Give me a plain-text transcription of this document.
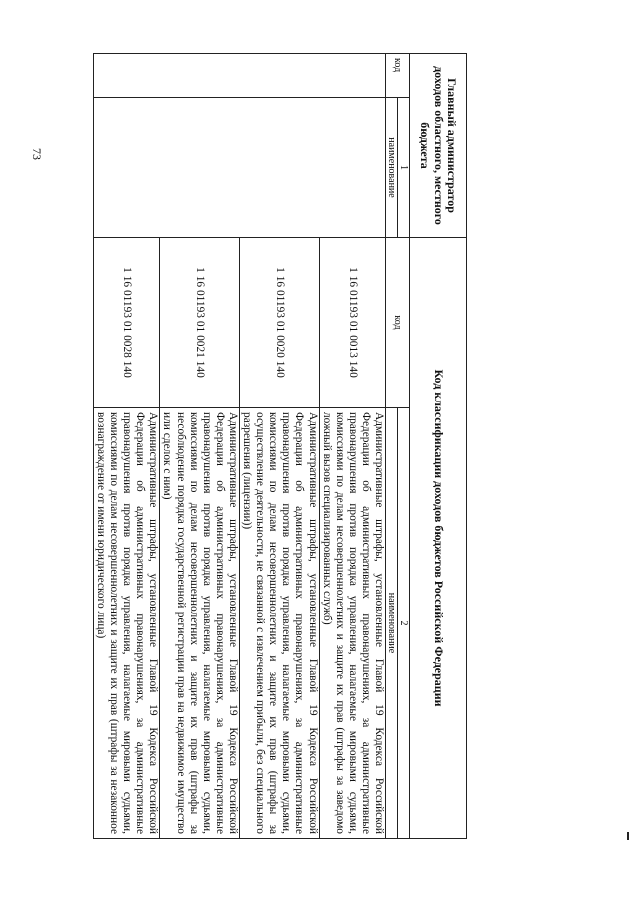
73	Главный администратор доходов областного, местного бюджета		Код классификации доходов бюджетов Российской Федерации	
код	1	код	2
	наименование		наименование
		1 16 01193 01 0013 140	Административные штрафы, установленные Главой 19 Кодекса Российской Федерации об административных правонарушениях, за административные правонарушения против порядка управления, налагаемые мировыми судьями, комиссиями по делам несовершеннолетних и защите их прав (штрафы за заведомо ложный вызов специализированных служб)
		1 16 01193 01 0020 140	Административные штрафы, установленные Главой 19 Кодекса Российской Федерации об административных правонарушениях, за административные правонарушения против порядка управления, налагаемые мировыми судьями, комиссиями по делам несовершеннолетних и защите их прав (штрафы за осуществление деятельности, не связанной с извлечением прибыли, без специального разрешения (лицензии))
		1 16 01193 01 0021 140	Административные штрафы, установленные Главой 19 Кодекса Российской Федерации об административных правонарушениях, за административные правонарушения против порядка управления, налагаемые мировыми судьями, комиссиями по делам несовершеннолетних и защите их прав (штрафы за несоблюдение порядка государственной регистрации прав на недвижимое имущество или сделок с ним)
		1 16 01193 01 0028 140	Административные штрафы, установленные Главой 19 Кодекса Российской Федерации об административных правонарушениях, за административные правонарушения против порядка управления, налагаемые мировыми судьями, комиссиями по делам несовершеннолетних и защите их прав (штрафы за незаконное вознаграждение от имени юридического лица)
